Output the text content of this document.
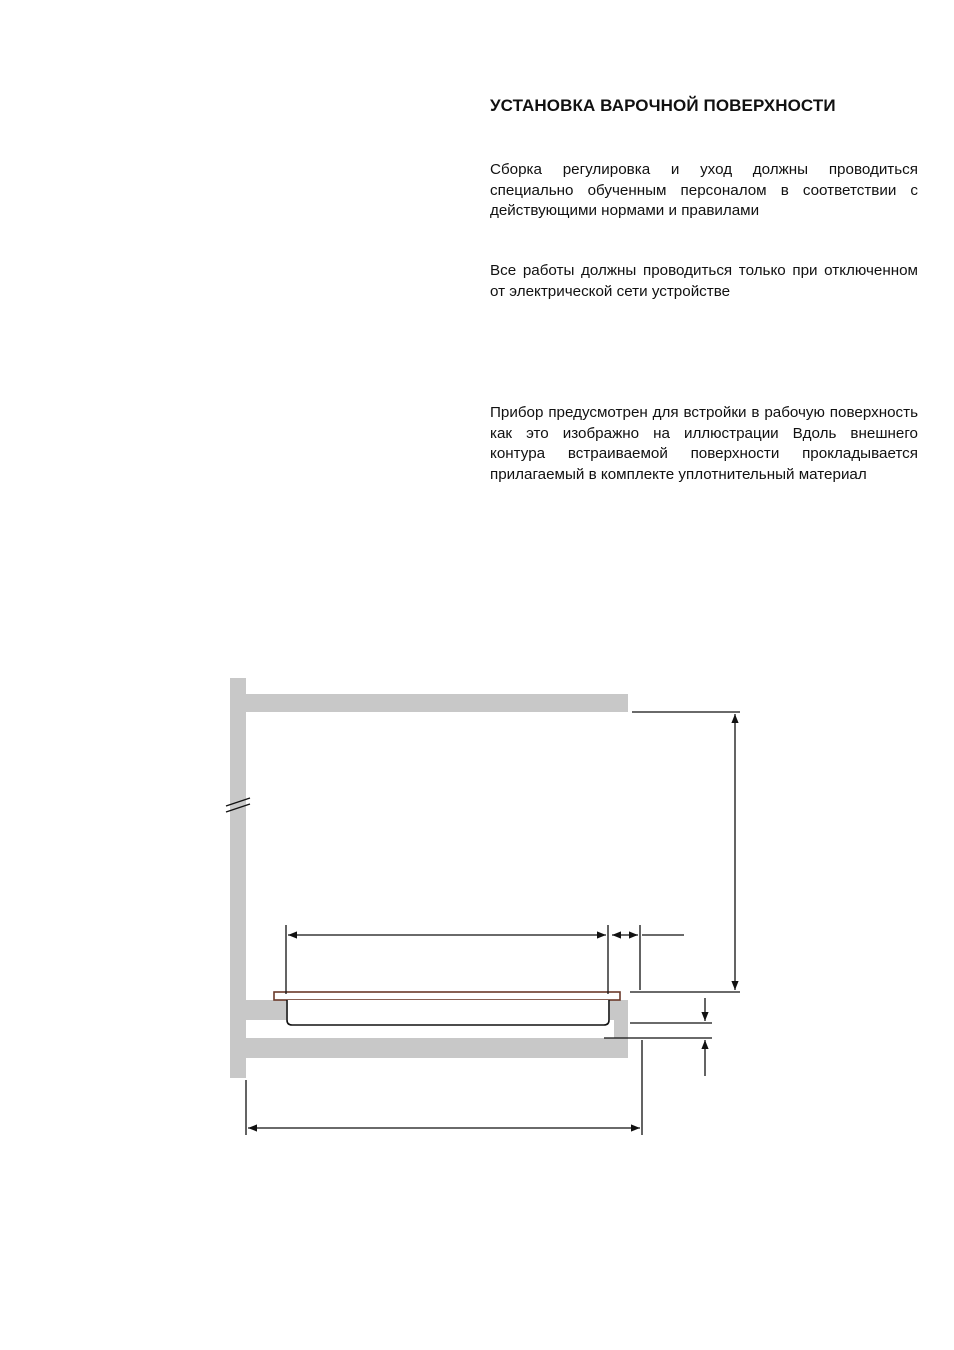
УСТАНОВКА ВАРОЧНОЙ ПОВЕРХНОСТИ

Сборка регулировка и уход должны проводиться специально обученным персоналом в соответствии с действующими нормами и правилами

Все работы должны проводиться только при отключенном от электрической сети устройстве

Прибор предусмотрен для встройки в рабочую поверхность как это изображно на иллюстрации Вдоль внешнего контура встраиваемой поверхности прокладывается прилагаемый в комплекте уплотнительный материал
